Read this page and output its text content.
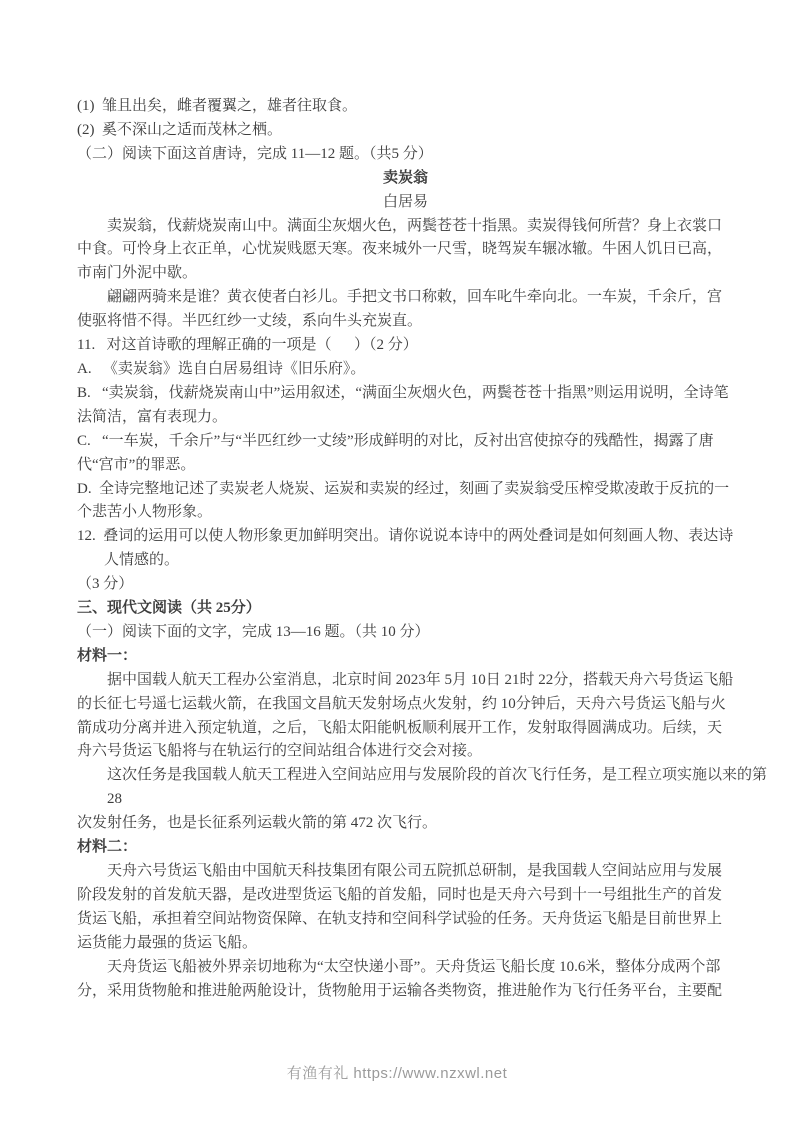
(1)  雏且出矣，雌者覆翼之，雄者往取食。

(2)  奚不深山之适而茂林之栖。

（二）阅读下面这首唐诗，完成 11—12 题。（共5 分）

卖炭翁

白居易

卖炭翁，伐薪烧炭南山中。满面尘灰烟火色，两鬓苍苍十指黑。卖炭得钱何所营？身上衣裳口中食。可怜身上衣正单，心忧炭贱愿天寒。夜来城外一尺雪，晓驾炭车辗冰辙。牛困人饥日已高，市南门外泥中歇。

翩翩两骑来是谁？黄衣使者白衫儿。手把文书口称敕，回车叱牛牵向北。一车炭，千余斤，宫使驱将惜不得。半匹红纱一丈绫，系向牛头充炭直。

11.   对这首诗歌的理解正确的一项是（      ）（2 分）

A.   《卖炭翁》选自白居易组诗《旧乐府》。

B.   “卖炭翁，伐薪烧炭南山中”运用叙述，“满面尘灰烟火色，两鬓苍苍十指黑”则运用说明，全诗笔法简洁，富有表现力。

C.   “一车炭，千余斤”与“半匹红纱一丈绫”形成鲜明的对比，反衬出宫使掠夺的残酷性，揭露了唐代“宫市”的罪恶。

D.  全诗完整地记述了卖炭老人烧炭、运炭和卖炭的经过，刻画了卖炭翁受压榨受欺凌敢于反抗的一个悲苦小人物形象。

12.  叠词的运用可以使人物形象更加鲜明突出。请你说说本诗中的两处叠词是如何刻画人物、表达诗人情感的。

（3 分）

三、现代文阅读（共 25分）

（一）阅读下面的文字，完成 13—16 题。（共 10 分）

材料一：

据中国载人航天工程办公室消息，北京时间 2023年 5月 10日 21时 22分，搭载天舟六号货运飞船的长征七号遥七运载火箭，在我国文昌航天发射场点火发射，约 10分钟后，天舟六号货运飞船与火箭成功分离并进入预定轨道，之后，飞船太阳能帆板顺利展开工作，发射取得圆满成功。后续，天舟六号货运飞船将与在轨运行的空间站组合体进行交会对接。

这次任务是我国载人航天工程进入空间站应用与发展阶段的首次飞行任务，是工程立项实施以来的第

28

次发射任务，也是长征系列运载火箭的第 472 次飞行。

材料二：

天舟六号货运飞船由中国航天科技集团有限公司五院抓总研制，是我国载人空间站应用与发展阶段发射的首发航天器，是改进型货运飞船的首发船，同时也是天舟六号到十一号组批生产的首发货运飞船，承担着空间站物资保障、在轨支持和空间科学试验的任务。天舟货运飞船是目前世界上运货能力最强的货运飞船。

天舟货运飞船被外界亲切地称为“太空快递小哥”。天舟货运飞船长度 10.6米，整体分成两个部分，采用货物舱和推进舱两舱设计，货物舱用于运输各类物资，推进舱作为飞行任务平台，主要配

有渔有礼 https://www.nzxwl.net
